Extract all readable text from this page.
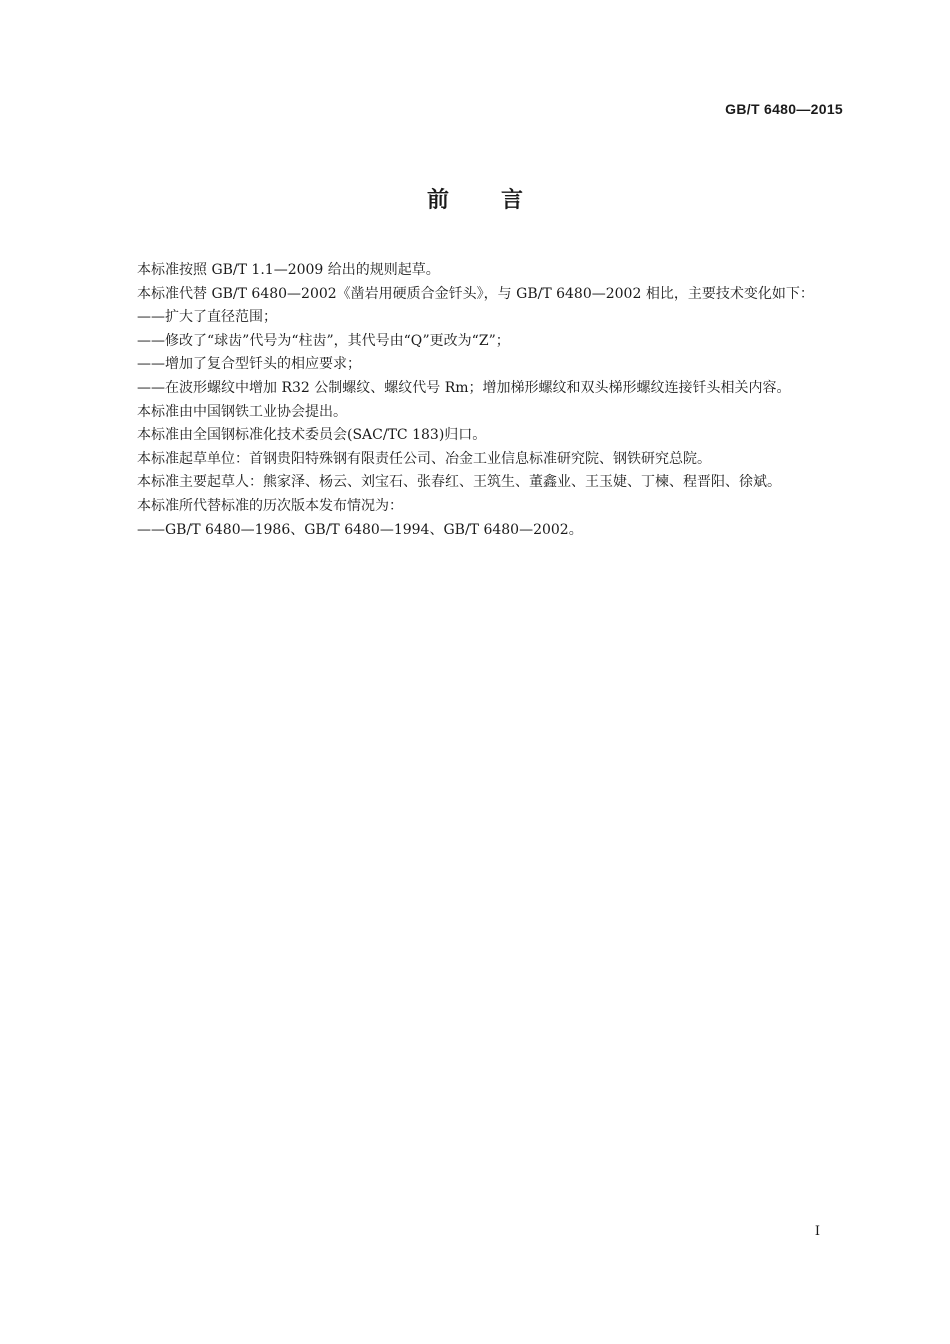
GB/T 6480—2015
前言

本标准按照 GB/T 1.1—2009 给出的规则起草。

本标准代替 GB/T 6480—2002《凿岩用硬质合金钎头》，与 GB/T 6480—2002 相比，主要技术变化如下：

——扩大了直径范围；

——修改了“球齿”代号为“柱齿”，其代号由“Q”更改为“Z”；

——增加了复合型钎头的相应要求；

——在波形螺纹中增加 R32 公制螺纹、螺纹代号 Rm；增加梯形螺纹和双头梯形螺纹连接钎头相关内容。

本标准由中国钢铁工业协会提出。

本标准由全国钢标准化技术委员会(SAC/TC 183)归口。

本标准起草单位：首钢贵阳特殊钢有限责任公司、冶金工业信息标准研究院、钢铁研究总院。

本标准主要起草人：熊家泽、杨云、刘宝石、张春红、王筑生、董鑫业、王玉婕、丁楝、程晋阳、徐斌。

本标准所代替标准的历次版本发布情况为：

——GB/T 6480—1986、GB/T 6480—1994、GB/T 6480—2002。

I
